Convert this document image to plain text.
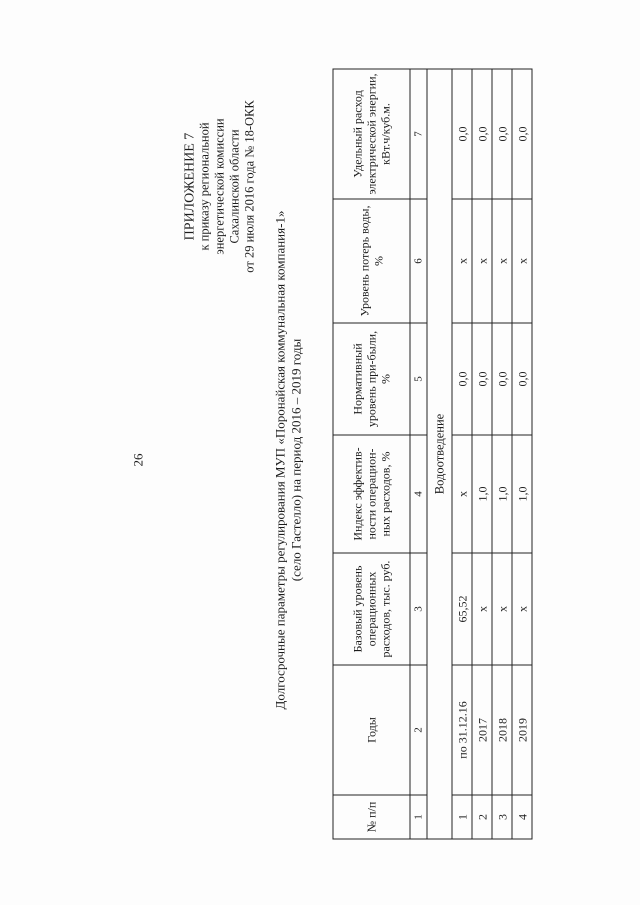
26
ПРИЛОЖЕНИЕ 7 к приказу региональной энергетической комиссии Сахалинской области от 29 июля 2016 года № 18-ОКК
Долгосрочные параметры регулирования МУП «Поронайская коммунальная компания-1» (село Гастелло) на период 2016 – 2019 годы
№ п/п	Годы	Базовый уровень операционных расходов, тыс. руб.	Индекс эффектив-ности операцион-ных расходов, %	Нормативный уровень при-были, %	Уровень потерь воды, %	Удельный расход электрической энергии, кВт.ч/куб.м.
1	2	3	4	5	6	7
Водоотведение						
1	по 31.12.16	65,52	х	0,0	х	0,0
2	2017	х	1,0	0,0	х	0,0
3	2018	х	1,0	0,0	х	0,0
4	2019	х	1,0	0,0	х	0,0
